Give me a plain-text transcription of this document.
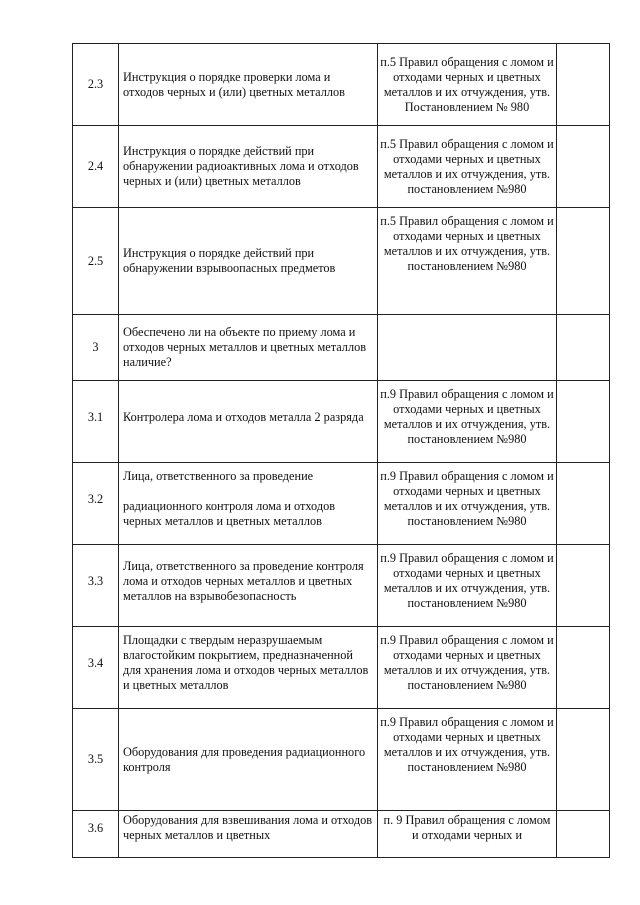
2.3
Инструкция о порядке проверки лома и отходов черных и (или) цветных металлов
п.5 Правил обращения с ломом и отходами черных и цветных металлов и их отчуждения, утв. Постановлением № 980
2.4
Инструкция о порядке действий при обнаружении радиоактивных лома и отходов черных и (или) цветных металлов
п.5 Правил обращения с ломом и отходами черных и цветных металлов и их отчуждения, утв. постановлением №980
2.5
Инструкция о порядке действий при обнаружении взрывоопасных предметов
п.5 Правил обращения с ломом и отходами черных и цветных металлов и их отчуждения, утв. постановлением №980
3
Обеспечено ли на объекте по приему лома и отходов черных металлов и цветных металлов наличие?
3.1 Контролера лома и отходов металла 2 разряда
п.9 Правил обращения с ломом и отходами черных и цветных металлов и их отчуждения, утв. постановлением №980
3.2
Лица, ответственного за проведение

радиационного контроля лома и отходов черных металлов и цветных металлов
п.9 Правил обращения с ломом и отходами черных и цветных металлов и их отчуждения, утв. постановлением №980
3.3
Лица, ответственного за проведение контроля лома и отходов черных металлов и цветных металлов на взрывобезопасность
п.9 Правил обращения с ломом и отходами черных и цветных металлов и их отчуждения, утв. постановлением №980
3.4
Площадки с твердым неразрушаемым влагостойким покрытием, предназначенной для хранения лома и отходов черных металлов и цветных металлов
п.9 Правил обращения с ломом и отходами черных и цветных металлов и их отчуждения, утв. постановлением №980
3.5
Оборудования для проведения радиационного контроля
п.9 Правил обращения с ломом и отходами черных и цветных металлов и их отчуждения, утв. постановлением №980
3.6
Оборудования для взвешивания лома и отходов черных металлов и цветных
п. 9 Правил обращения с ломом и отходами черных и
